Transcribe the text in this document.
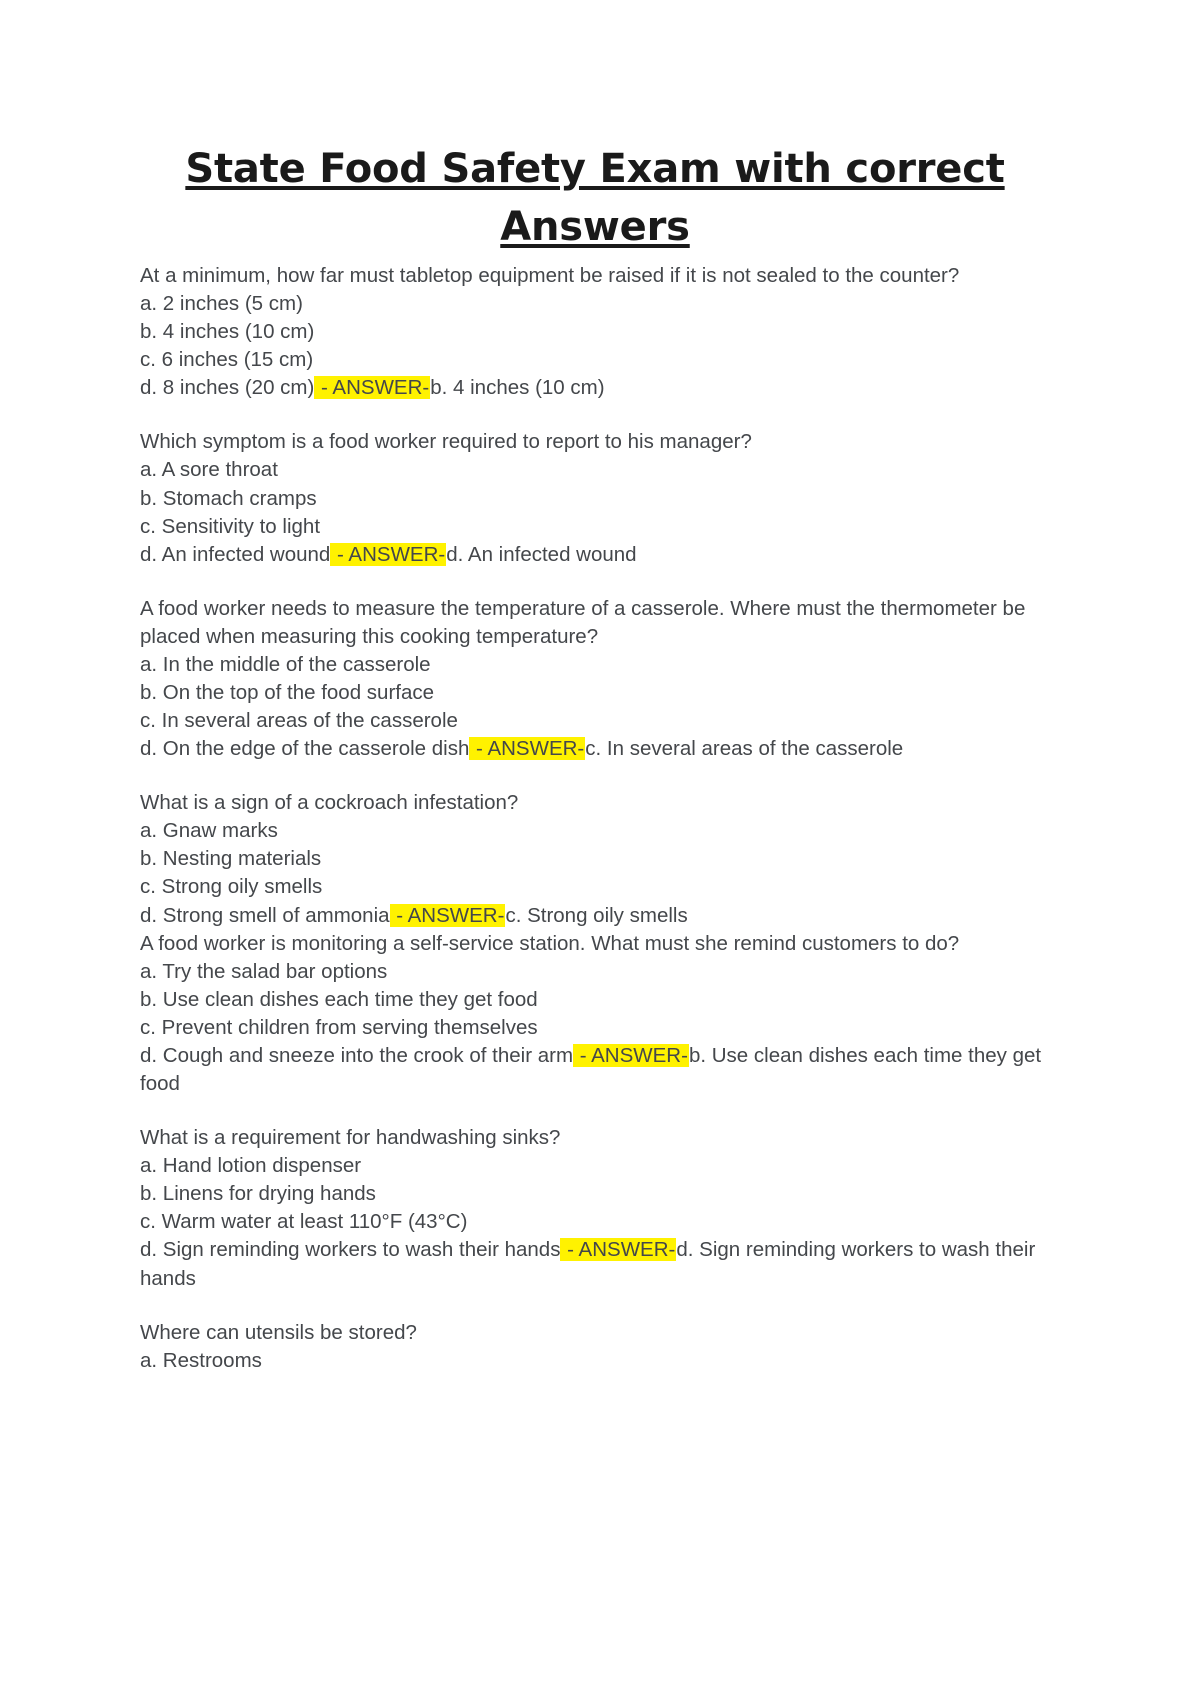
State Food Safety Exam with correct Answers

At a minimum, how far must tabletop equipment be raised if it is not sealed to the counter?

a. 2 inches (5 cm)

b. 4 inches (10 cm)

c. 6 inches (15 cm)

d. 8 inches (20 cm) - ANSWER-b. 4 inches (10 cm)

Which symptom is a food worker required to report to his manager?

a. A sore throat

b. Stomach cramps

c. Sensitivity to light

d. An infected wound - ANSWER-d. An infected wound

A food worker needs to measure the temperature of a casserole. Where must the thermometer be placed when measuring this cooking temperature?

a. In the middle of the casserole

b. On the top of the food surface

c. In several areas of the casserole

d. On the edge of the casserole dish - ANSWER-c. In several areas of the casserole

What is a sign of a cockroach infestation?

a. Gnaw marks

b. Nesting materials

c. Strong oily smells

d. Strong smell of ammonia - ANSWER-c. Strong oily smells

A food worker is monitoring a self-service station. What must she remind customers to do?

a. Try the salad bar options

b. Use clean dishes each time they get food

c. Prevent children from serving themselves

d. Cough and sneeze into the crook of their arm - ANSWER-b. Use clean dishes each time they get food

What is a requirement for handwashing sinks?

a. Hand lotion dispenser

b. Linens for drying hands

c. Warm water at least 110°F (43°C)

d. Sign reminding workers to wash their hands - ANSWER-d. Sign reminding workers to wash their hands

Where can utensils be stored?

a. Restrooms
